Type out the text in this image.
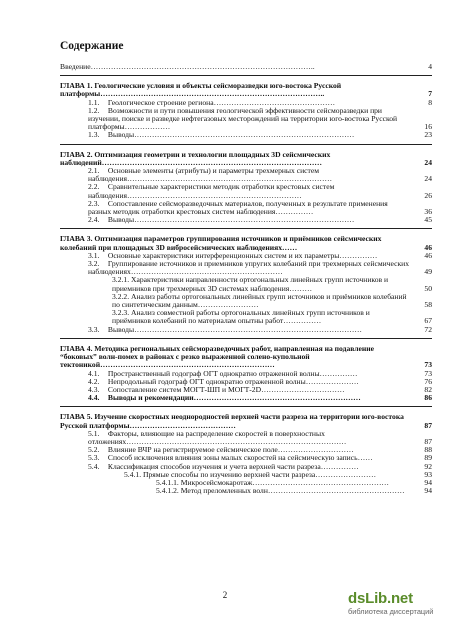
Содержание
Введение……………………………………………………………………………..	4
ГЛАВА 1. Геологические условия и объекты сейсморазведки юго-востока Русской платформы……………………………………………………………………………..	7
1.1. Геологическое строение региона…………………………………………	8
1.2. Возможности и пути повышения геологической эффективности сейсморазведки при изучении, поиске и разведке нефтегазовых месторождений на территории юго-востока Русской платформы………………	16
1.3. Выводы……………………………………………………………………………	23
ГЛАВА 2. Оптимизация геометрии и технологии площадных 3D сейсмических наблюдений……………………………………………………………………………	24
2.1. Основные элементы (атрибуты) и параметры трехмерных систем наблюдения………………………………………………………………………	24
2.2. Сравнительные характеристики методик отработки крестовых систем наблюдения……………………………………………………………	26
2.3. Сопоставление сейсморазведочных материалов, полученных в результате применения разных методик отработки крестовых систем наблюдения……………	36
2.4. Выводы……………………………………………………………………………	45
ГЛАВА 3. Оптимизация параметров группирования источников и приёмников сейсмических колебаний при площадных 3D вибросейсмических наблюдениях……	46
3.1. Основные характеристики интерференционных систем и их параметры……………	46
3.2. Группирование источников и приемников упругих колебаний при трехмерных сейсмических наблюдениях……………………………………………………	49
3.2.1. Характеристики направленности ортогональных линейных групп источников и приемников при трехмерных 3D системах наблюдения………	50
3.2.2. Анализ работы ортогональных линейных групп источников и приёмников колебаний по синтетическим данным……………………	58
3.2.3. Анализ совместной работы ортогональных линейных групп источников и приёмников колебаний по материалам опытны работ……………	67
3.3. Выводы………………………………………………………………………………	72
ГЛАВА 4. Методика региональных сейсморазведочных работ, направленная на подавление “боковых” волн-помех в районах с резко выраженной солено-купольной тектоникой……………………………………………………………	73
4.1. Пространственный годограф ОГТ однократно отраженной волны……………	73
4.2. Непродольный годограф ОГТ однократно отраженной волны…………………	76
4.3. Сопоставление систем МОГТ-ШП и МОГТ-2D……………………………	82
4.4. Выводы и рекомендации…………………………………………………………	86
ГЛАВА 5. Изучение скоростных неоднородностей верхней части разреза на территории юго-востока Русской платформы……………………………………	87
5.1. Факторы, влияющие на распределение скоростей в поверхностных отложениях……………………………………………………………………………	87
5.2. Влияние ВЧР на регистрируемое сейсмическое поле…………………………	88
5.3. Способ исключения влияния зоны малых скоростей на сейсмическую запись……	89
5.4. Классификация способов изучения и учета верхней части разреза……………	92
5.4.1. Прямые способы по изучению верхней части разреза……………………	93
5.4.1.1. Микросейсмокаротаж………………………………………………	94
5.4.1.2. Метод преломленных волн………………………………………………	94
2	dsLib.net
библиотека диссертаций
